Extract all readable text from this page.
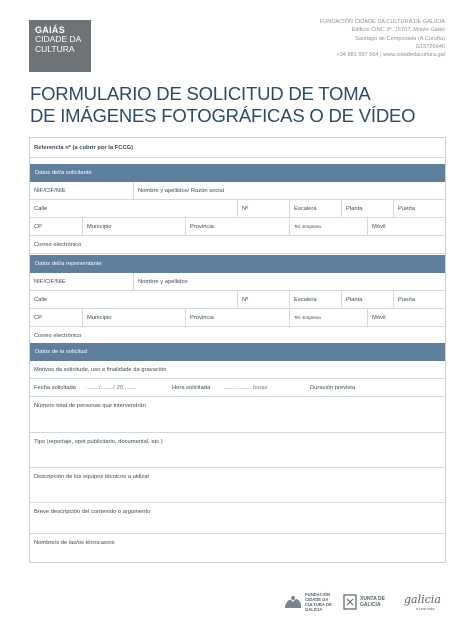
GAIÁS
CIDADE DA
CULTURA
FUNDACIÓN CIDADE DA CULTURA DE GALICIA
Edificio CINC 3º. 15707, Monte Gaiás
Santiago de Compostela (A Coruña)
G15726640
+34 881 997 564 | www.cidadedacultura.gal
FORMULARIO DE SOLICITUD DE TOMA
DE IMÁGENES FOTOGRÁFICAS O DE VÍDEO
Referencia nº (a cubrir por la FCCG)
Datos del/a solicitante
NIF/CIF/NIE	Nombre y apellidos/ Razón social
Calle	Nº	Escalera	Planta	Puerta
CP	Municipio	Provincia	Tel. Empresa	Móvil
Correo electrónico
Datos del/a representante
NIF/CIF/NIE	Nombre y apellidos
Calle	Nº	Escalera	Planta	Puerta
CP	Municipio	Provincia	Tel. Empresa	Móvil
Correo electrónico
Datos de la solicitud
Motivos da solicitude, uso e finalidade da gravación
Fecha solicitada	......../......../ 20........	Hora solicitada	........:........ horas	Duración prevista
Número total de personas que intervendrán
Tipo (reportaje, spot publicitario, documental, etc.)
Descripción de los equipos técnicos a utilizar
Breve descripción del contenido o argumento
Nombre/s de las/os técnicas/os
FUNDACIÓN CIDADE DA CULTURA DE GALICIA
XUNTA DE GALICIA	galicia
a boa vida
